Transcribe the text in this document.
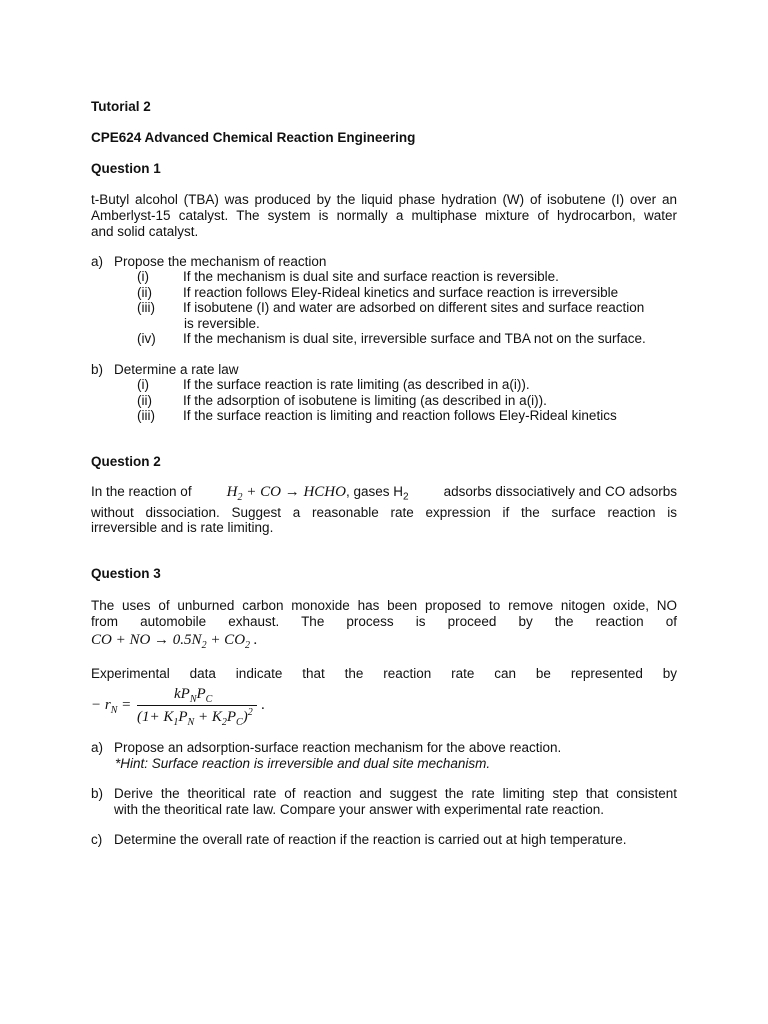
Tutorial 2
CPE624 Advanced Chemical Reaction Engineering
Question 1
t-Butyl alcohol (TBA) was produced by the liquid phase hydration (W) of isobutene (I) over an
Amberlyst-15 catalyst. The system is normally a multiphase mixture of hydrocarbon, water
and solid catalyst.
a) Propose the mechanism of reaction
(i)	If the mechanism is dual site and surface reaction is reversible.
(ii) If reaction follows Eley-Rideal kinetics and surface reaction is irreversible
(iii) If isobutene (I) and water are adsorbed on different sites and surface reaction
is reversible.
(iv) If the mechanism is dual site, irreversible surface and TBA not on the surface.
b) Determine a rate law
(i)	If the surface reaction is rate limiting (as described in a(i)).
(ii) If the adsorption of isobutene is limiting (as described in a(i)).
(iii) If the surface reaction is limiting and reaction follows Eley-Rideal kinetics
Question 2
In the reaction of $H_2$ + CO → HCHO, gases $H_2$	adsorbs dissociatively and CO adsorbs
without dissociation. Suggest a reasonable rate expression if the surface reaction is
irreversible and is rate limiting.
Question 3
The uses of unburned carbon monoxide has been proposed to remove nitogen oxide, NO
from automobile exhaust. The process is proceed by the reaction of
CO + NO → $0.5N_2 + CO_2$ .
Experimental data indicate that the reaction rate can be represented by
− $r_N$ =
$kP_NP_C$
$(1+ K_1P_N + K_2P_C)^2$ .
a) Propose an adsorption-surface reaction mechanism for the above reaction.
*Hint: Surface reaction is irreversible and dual site mechanism.
b) Derive the theoritical rate of reaction and suggest the rate limiting step that consistent
with the theoritical rate law. Compare your answer with experimental rate reaction.
c) Determine the overall rate of reaction if the reaction is carried out at high temperature.
